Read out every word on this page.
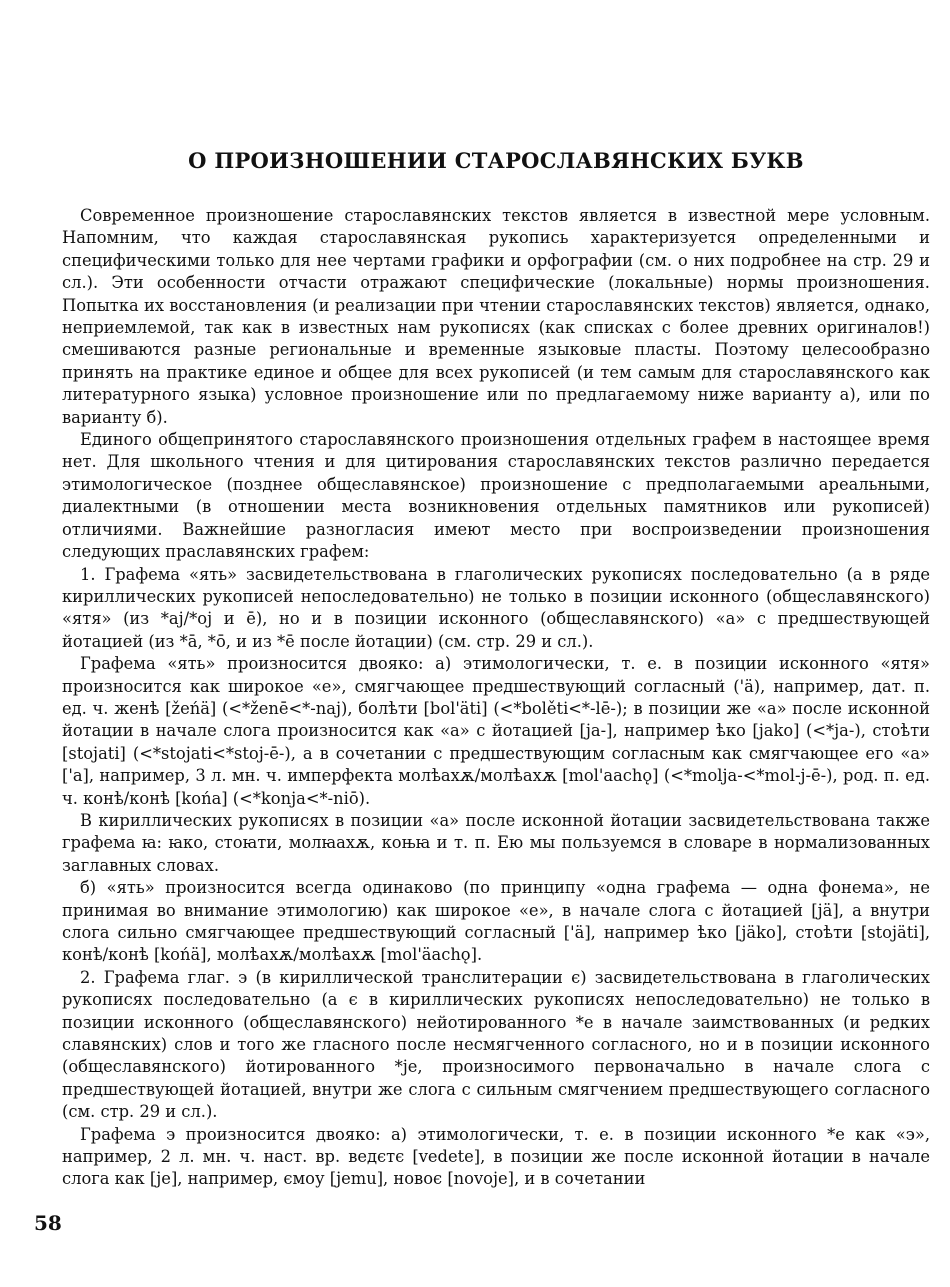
О ПРОИЗНОШЕНИИ СТАРОСЛАВЯНСКИХ БУКВ

Современное произношение старославянских текстов является в известной мере условным. Напомним, что каждая старославянская рукопись характеризуется определенными и специфическими только для нее чертами графики и орфографии (см. о них подробнее на стр. 29 и сл.). Эти особенности отчасти отражают специфические (локальные) нормы произношения. Попытка их восстановления (и реализации при чтении старославянских текстов) является, однако, неприемлемой, так как в известных нам рукописях (как списках с более древних оригиналов!) смешиваются разные региональные и временные языковые пласты. Поэтому целесообразно принять на практике единое и общее для всех рукописей (и тем самым для старославянского как литературного языка) условное произношение или по предлагаемому ниже варианту а), или по варианту б).

Единого общепринятого старославянского произношения отдельных графем в настоящее время нет. Для школьного чтения и для цитирования старославянских текстов различно передается этимологическое (позднее общеславянское) произношение с предполагаемыми ареальными, диалектными (в отношении места возникновения отдельных памятников или рукописей) отличиями. Важнейшие разногласия имеют место при воспроизведении произношения следующих праславянских графем:

1. Графема «ять» засвидетельствована в глаголических рукописях последовательно (а в ряде кириллических рукописей непоследовательно) не только в позиции исконного (общеславянского) «ятя» (из *aj/*oj и ē), но и в позиции исконного (общеславянского) «а» с предшествующей йотацией (из *ā, *ō, и из *ē после йотации) (см. стр. 29 и сл.).

Графема «ять» произносится двояко: а) этимологически, т. е. в позиции исконного «ятя» произносится как широкое «е», смягчающее предшествующий согласный ('ä), например, дат. п. ед. ч. женѣ [žеńä] (<*žеnē<*-naj), болѣти [bol'äti] (<*bolěti<*-lē-); в позиции же «а» после исконной йотации в начале слога произносится как «а» с йотацией [ja-], например ѣко [jako] (<*ja-), стоѣти [stojati] (<*stojati<*stoj-ē-), а в сочетании с предшествующим согласным как смягчающее его «а» ['a], например, 3 л. мн. ч. имперфекта молѣахѫ/молѣахѫ [mol'aachǫ] (<*molja-<*mol-j-ē-), род. п. ед. ч. конѣ/конѣ [końa] (<*konja<*-niō).

В кириллических рукописях в позиции «а» после исконной йотации засвидетельствована также графема ꙗ: ꙗко, стоꙗти, молꙗахѫ, коњꙗ и т. п. Ею мы пользуемся в словаре в нормализованных заглавных словах.

б) «ять» произносится всегда одинаково (по принципу «одна графема — одна фонема», не принимая во внимание этимологию) как широкое «е», в начале слога с йотацией [jä], а внутри слога сильно смягчающее предшествующий согласный ['ä], например ѣко [jäko], стоѣти [stojäti], конѣ/конѣ [końä], молѣахѫ/молѣахѫ [mol'äachǫ].

2. Графема глаг. э (в кириллической транслитерации є) засвидетельствована в глаголических рукописях последовательно (а є в кириллических рукописях непоследовательно) не только в позиции исконного (общеславянского) нейотированного *е в начале заимствованных (и редких славянских) слов и того же гласного после несмягченного согласного, но и в позиции исконного (общеславянского) йотированного *je, произносимого первоначально в начале слога с предшествующей йотацией, внутри же слога с сильным смягчением предшествующего согласного (см. стр. 29 и сл.).

Графема э произносится двояко: а) этимологически, т. е. в позиции исконного *е как «э», например, 2 л. мн. ч. наст. вр. ведєтє [vedete], в позиции же после исконной йотации в начале слога как [je], например, ємоу [jemu], новоє [novoje], и в сочетании

58
